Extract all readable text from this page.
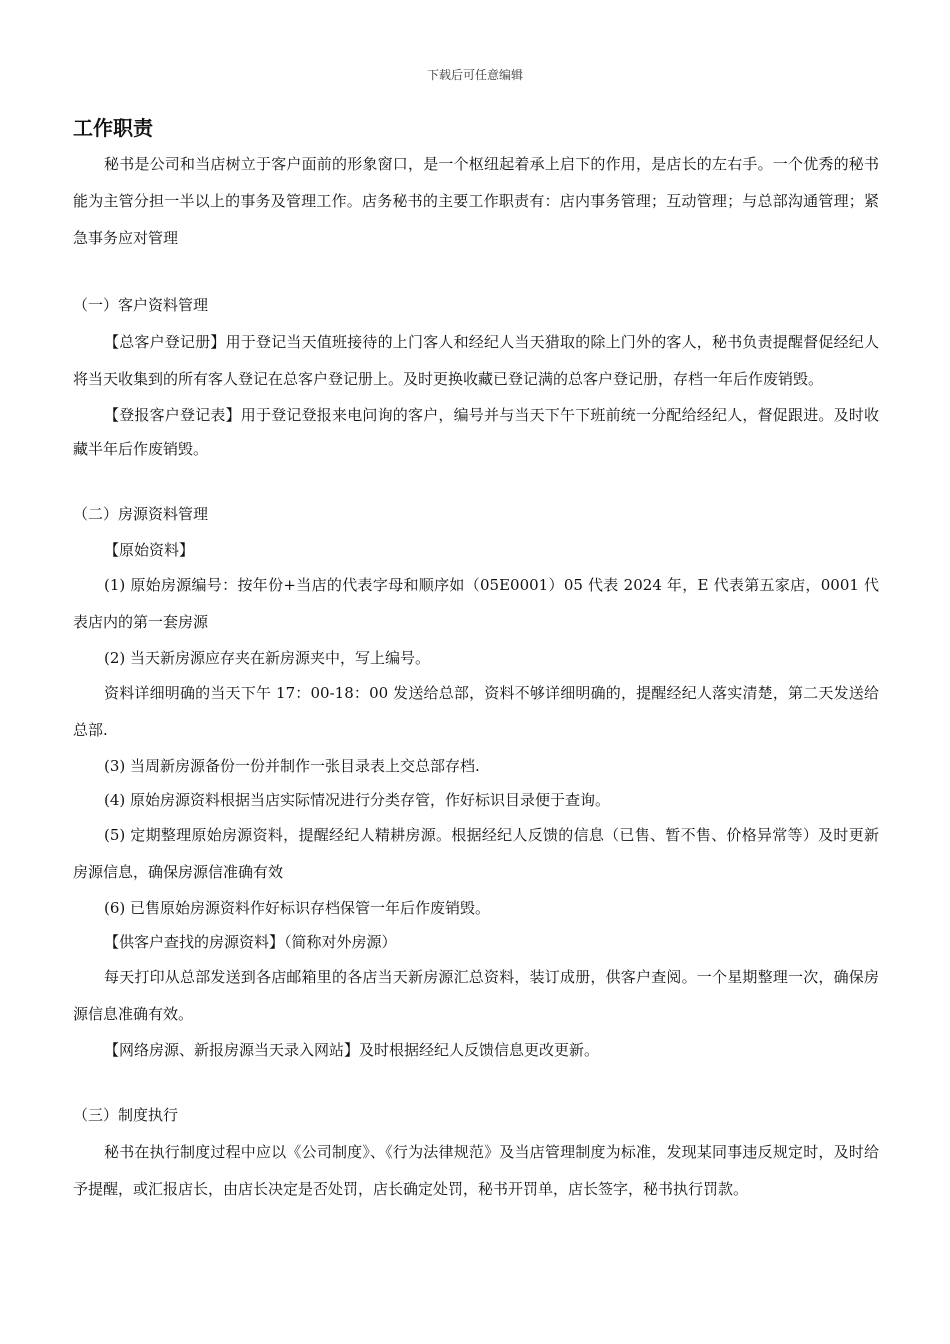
下载后可任意编辑
工作职责

秘书是公司和当店树立于客户面前的形象窗口，是一个枢纽起着承上启下的作用，是店长的左右手。一个优秀的秘书能为主管分担一半以上的事务及管理工作。店务秘书的主要工作职责有：店内事务管理；互动管理；与总部沟通管理；紧急事务应对管理

（一）客户资料管理

【总客户登记册】用于登记当天值班接待的上门客人和经纪人当天猎取的除上门外的客人，秘书负责提醒督促经纪人将当天收集到的所有客人登记在总客户登记册上。及时更换收藏已登记满的总客户登记册，存档一年后作废销毁。

【登报客户登记表】用于登记登报来电问询的客户，编号并与当天下午下班前统一分配给经纪人，督促跟进。及时收藏半年后作废销毁。

（二）房源资料管理

【原始资料】

(1) 原始房源编号：按年份+当店的代表字母和顺序如（05E0001）05 代表 2024 年，E 代表第五家店，0001 代表店内的第一套房源

(2) 当天新房源应存夹在新房源夹中，写上编号。

资料详细明确的当天下午 17：00-18：00 发送给总部，资料不够详细明确的，提醒经纪人落实清楚，第二天发送给总部.

(3) 当周新房源备份一份并制作一张目录表上交总部存档.

(4) 原始房源资料根据当店实际情况进行分类存管，作好标识目录便于查询。

(5) 定期整理原始房源资料，提醒经纪人精耕房源。根据经纪人反馈的信息（已售、暂不售、价格异常等）及时更新房源信息，确保房源信准确有效

(6) 已售原始房源资料作好标识存档保管一年后作废销毁。

【供客户查找的房源资料】（简称对外房源）

每天打印从总部发送到各店邮箱里的各店当天新房源汇总资料，装订成册，供客户查阅。一个星期整理一次，确保房源信息准确有效。

【网络房源、新报房源当天录入网站】及时根据经纪人反馈信息更改更新。

（三）制度执行

秘书在执行制度过程中应以《公司制度》、《行为法律规范》及当店管理制度为标准，发现某同事违反规定时，及时给予提醒，或汇报店长，由店长决定是否处罚，店长确定处罚，秘书开罚单，店长签字，秘书执行罚款。
